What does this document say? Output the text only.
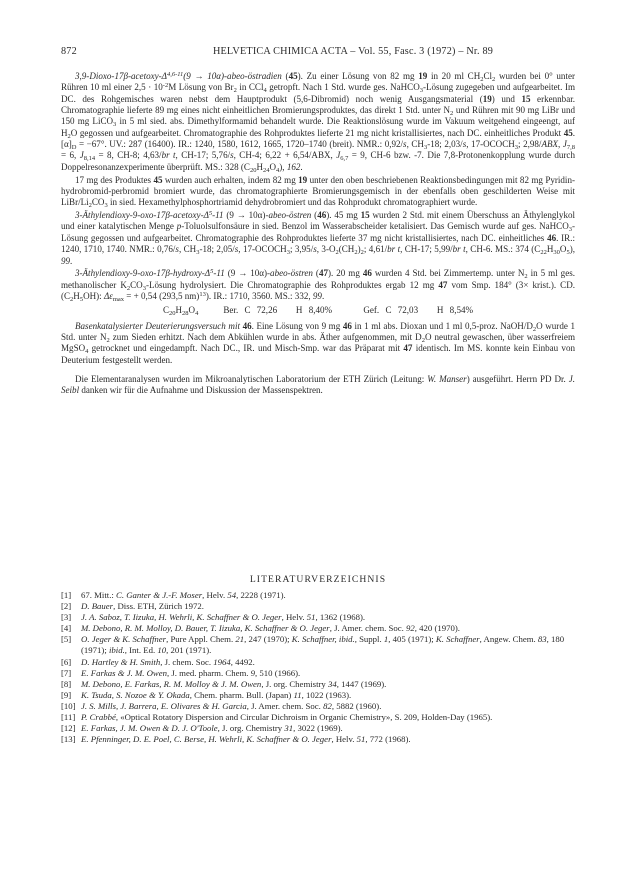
872	HELVETICA CHIMICA ACTA – Vol. 55, Fasc. 3 (1972) – Nr. 89

$3,9-Dioxo-17\beta-acetoxy-\Delta^{4,6-11}(9$ → 10α)-abeo-östradien (45). Zu einer Lösung von 82 mg 19 in 20 ml $CH_2Cl_2$ wurden bei 0° unter Rühren 10 ml einer $2,5 \cdot 10^{-2}M$ Lösung von $Br_2$ in CCl$_4$ getropft. Nach 1 Std. wurde ges. NaHCO$_3$-Lösung zugegeben und aufgearbeitet. Im DC. des Rohgemisches waren nebst dem Hauptprodukt (5,6-Dibromid) noch wenig Ausgangsmaterial (19) und 15 erkennbar. Chromatographie lieferte 89 mg eines nicht einheitlichen Bromierungsproduktes, das direkt 1 Std. unter $N_2$ und Rühren mit 90 mg LiBr und 150 mg LiCO$_3$ in 5 ml sied. abs. Dimethylformamid behandelt wurde. Die Reaktionslösung wurde im Vakuum weitgehend eingeengt, auf $H_2O$ gegossen und aufgearbeitet. Chromatographie des Rohproduktes lieferte 21 mg nicht kristallisiertes, nach DC. einheitliches Produkt 45. $[\alpha]_D = -67^\circ$. UV.: 287 (16400). IR.: 1240, 1580, 1612, 1665, 1720–1740 (breit). NMR.: 0,92/s, $CH_3-18$; 2,03/s, $17-OCOCH_3$; 2,98/ABX, $J_{7,8} = 6$, $J_{8,14} = 8$, CH-8; 4,63/br t, CH-17; 5,76/s, CH-4; 6,22 + 6,54/ABX, $J_{6,7} = 9$, CH-6 bzw. -7. Die 7,8-Protonenkopplung wurde durch Doppelresonanzexperimente überprüft. MS.: 328 $(C_{20}H_{24}O_4)$, 162.

17 mg des Produktes 45 wurden auch erhalten, indem 82 mg 19 unter den oben beschriebenen Reaktionsbedingungen mit 82 mg Pyridin-hydrobromid-perbromid bromiert wurde, das chromatographierte Bromierungsgemisch in der ebenfalls oben geschilderten Weise mit LiBr/$Li_2CO_3$ in sied. Hexamethylphosphortriamid dehydrobromiert und das Rohprodukt chromatographiert wurde.

$3-Äthylendioxy-9-oxo-17\beta-acetoxy-\Delta^5-11$ (9 → 10α)-abeo-östren (46). 45 mg 15 wurden 2 Std. mit einem Überschuss an Äthylenglykol und einer katalytischen Menge p-Toluolsulfonsäure in sied. Benzol im Wasserabscheider ketalisiert. Das Gemisch wurde auf ges. NaHCO$_3$-Lösung gegossen und aufgearbeitet. Chromatographie des Rohproduktes lieferte 37 mg nicht kristallisiertes, nach DC. einheitliches 46. IR.: 1240, 1710, 1740. NMR.: 0,76/s, $CH_3-18$; 2,05/s, $17-OCOCH_3$; 3,95/s, $3-O_2(CH_2)_2$; 4,61/br t, CH-17; 5,99/br t, CH-6. MS.: 374 $(C_{22}H_{30}O_5)$, 99.

$3-Äthylendioxy-9-oxo-17\beta-hydroxy-\Delta^5-11$ (9 → 10α)-abeo-östren (47). 20 mg 46 wurden 4 Std. bei Zimmertemp. unter $N_2$ in 5 ml ges. methanolischer $K_2CO_3$-Lösung hydrolysiert. Die Chromatographie des Rohproduktes ergab 12 mg 47 vom Smp. 184° (3× krist.). CD. $(C_2H_5OH)$: $\Delta\varepsilon_{max}$ = + 0,54 (293,5 nm)$^{13}$). IR.: 1710, 3560. MS.: 332, 99.

$C_{20}H_{28}O_4$    Ber. C 72,26   H 8,40%     Gef. C 72,03   H 8,54%

Basenkatalysierter Deuterierungsversuch mit 46. Eine Lösung von 9 mg 46 in 1 ml abs. Dioxan und 1 ml 0,5-proz. NaOH/$D_2O$ wurde 1 Std. unter $N_2$ zum Sieden erhitzt. Nach dem Abkühlen wurde in abs. Äther aufgenommen, mit $D_2O$ neutral gewaschen, über wasserfreiem MgSO$_4$ getrocknet und eingedampft. Nach DC., IR. und Misch-Smp. war das Präparat mit 47 identisch. Im MS. konnte kein Einbau von Deuterium festgestellt werden.

Die Elementaranalysen wurden im Mikroanalytischen Laboratorium der ETH Zürich (Leitung: W. Manser) ausgeführt. Herrn PD Dr. J. Seibl danken wir für die Aufnahme und Diskussion der Massenspektren.

LITERATURVERZEICHNIS
[1] 67. Mitt.: C. Ganter & J.-F. Moser, Helv. 54, 2228 (1971).
[2] D. Bauer, Diss. ETH, Zürich 1972.
[3] J. A. Saboz, T. Iizuka, H. Wehrli, K. Schaffner & O. Jeger, Helv. 51, 1362 (1968).
[4] M. Debono, R. M. Molloy, D. Bauer, T. Iizuka, K. Schaffner & O. Jeger, J. Amer. chem. Soc. 92, 420 (1970).
[5] O. Jeger & K. Schaffner, Pure Appl. Chem. 21, 247 (1970); K. Schaffner, ibid., Suppl. 1, 405 (1971); K. Schaffner, Angew. Chem. 83, 180 (1971); ibid., Int. Ed. 10, 201 (1971).
[6] D. Hartley & H. Smith, J. chem. Soc. 1964, 4492.
[7] E. Farkas & J. M. Owen, J. med. pharm. Chem. 9, 510 (1966).
[8] M. Debono, E. Farkas, R. M. Molloy & J. M. Owen, J. org. Chemistry 34, 1447 (1969).
[9] K. Tsuda, S. Nozoe & Y. Okada, Chem. pharm. Bull. (Japan) 11, 1022 (1963).
[10] J. S. Mills, J. Barrera, E. Olivares & H. Garcia, J. Amer. chem. Soc. 82, 5882 (1960).
[11] P. Crabbé, «Optical Rotatory Dispersion and Circular Dichroism in Organic Chemistry», S. 209, Holden-Day (1965).
[12] E. Farkas, J. M. Owen & D. J. O'Toole, J. org. Chemistry 31, 3022 (1969).
[13] E. Pfenninger, D. E. Poel, C. Berse, H. Wehrli, K. Schaffner & O. Jeger, Helv. 51, 772 (1968).
